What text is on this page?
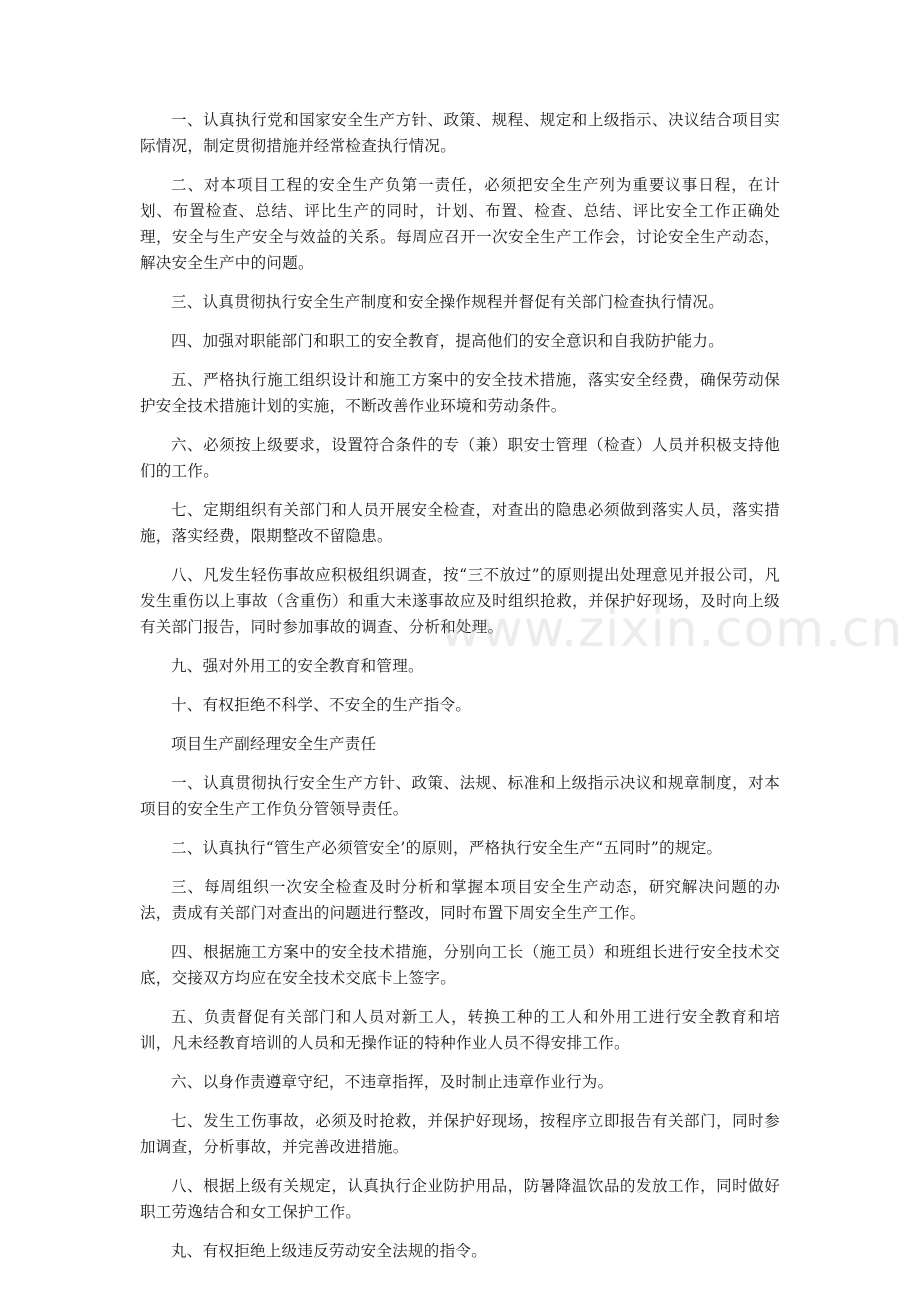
一、认真执行党和国家安全生产方针、政策、规程、规定和上级指示、决议结合项目实际情况，制定贯彻措施并经常检查执行情况。

二、对本项目工程的安全生产负第一责任，必须把安全生产列为重要议事日程，在计划、布置检查、总结、评比生产的同时，计划、布置、检查、总结、评比安全工作正确处理，安全与生产安全与效益的关系。每周应召开一次安全生产工作会，讨论安全生产动态，解决安全生产中的问题。

三、认真贯彻执行安全生产制度和安全操作规程并督促有关部门检查执行情况。

四、加强对职能部门和职工的安全教育，提高他们的安全意识和自我防护能力。

五、严格执行施工组织设计和施工方案中的安全技术措施，落实安全经费，确保劳动保护安全技术措施计划的实施，不断改善作业环境和劳动条件。

六、必须按上级要求，设置符合条件的专（兼）职安士管理（检查）人员并积极支持他们的工作。

七、定期组织有关部门和人员开展安全检查，对查出的隐患必须做到落实人员，落实措施，落实经费，限期整改不留隐患。

八、凡发生轻伤事故应积极组织调查，按“三不放过”的原则提出处理意见并报公司，凡发生重伤以上事故（含重伤）和重大未遂事故应及时组织抢救，并保护好现场，及时向上级有关部门报告，同时参加事故的调查、分析和处理。

九、强对外用工的安全教育和管理。

十、有权拒绝不科学、不安全的生产指令。

项目生产副经理安全生产责任

一、认真贯彻执行安全生产方针、政策、法规、标准和上级指示决议和规章制度，对本项目的安全生产工作负分管领导责任。

二、认真执行“管生产必须管安全’的原则，严格执行安全生产“五同时”的规定。

三、每周组织一次安全检查及时分析和掌握本项目安全生产动态，研究解决问题的办法，责成有关部门对查出的问题进行整改，同时布置下周安全生产工作。

四、根据施工方案中的安全技术措施，分别向工长（施工员）和班组长进行安全技术交底，交接双方均应在安全技术交底卡上签字。

五、负责督促有关部门和人员对新工人，转换工种的工人和外用工进行安全教育和培训，凡未经教育培训的人员和无操作证的特种作业人员不得安排工作。

六、以身作责遵章守纪，不违章指挥，及时制止违章作业行为。

七、发生工伤事故，必须及时抢救，并保护好现场，按程序立即报告有关部门，同时参加调查，分析事故，并完善改进措施。

八、根据上级有关规定，认真执行企业防护用品，防暑降温饮品的发放工作，同时做好职工劳逸结合和女工保护工作。

丸、有权拒绝上级违反劳动安全法规的指令。

www.zixin.com.cn
